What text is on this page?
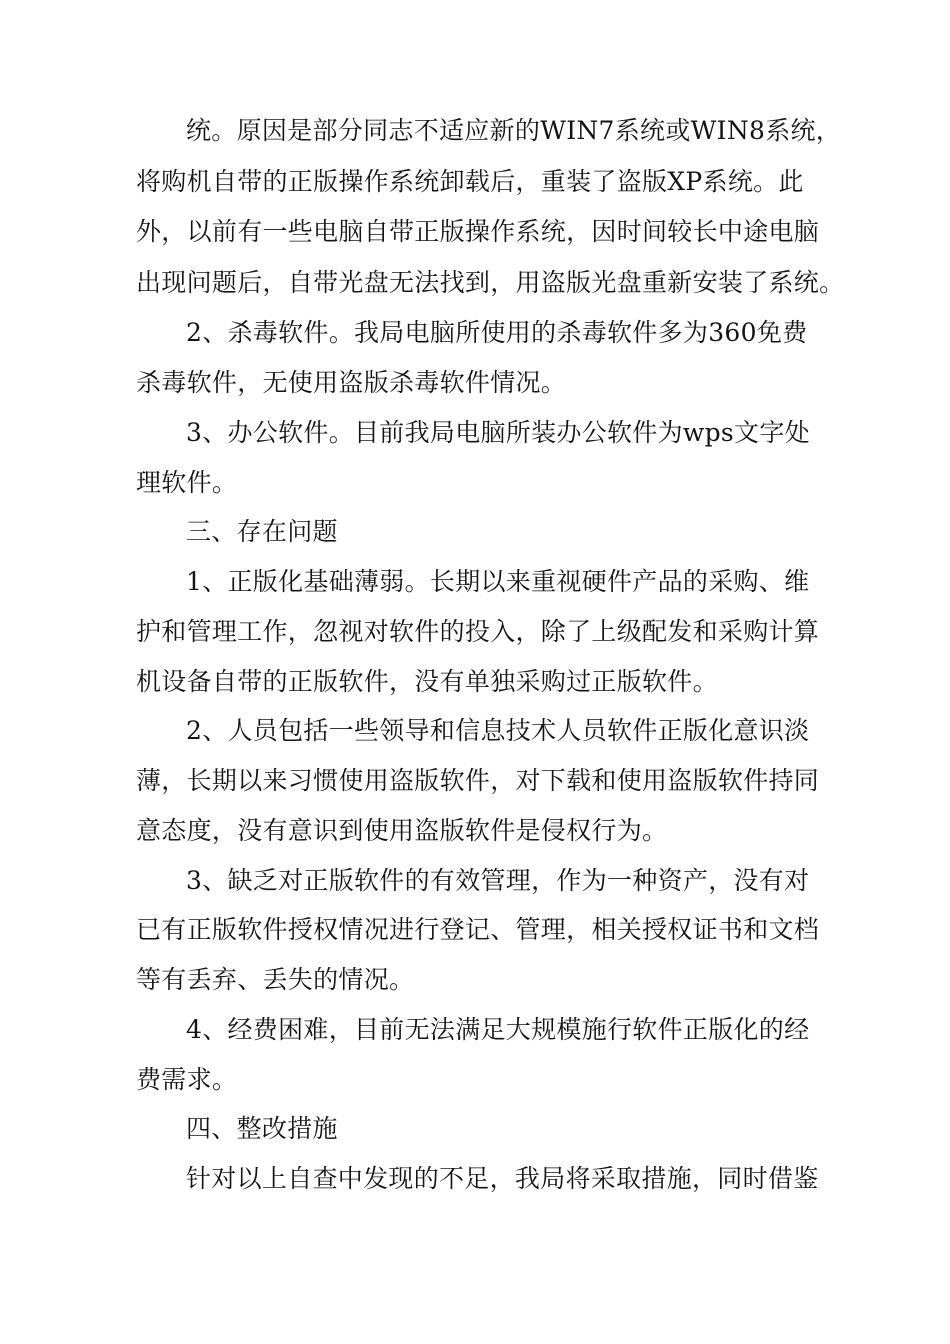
统。原因是部分同志不适应新的WIN7系统或WIN8系统，

将购机自带的正版操作系统卸载后，重装了盗版XP系统。此

外，以前有一些电脑自带正版操作系统，因时间较长中途电脑

出现问题后，自带光盘无法找到，用盗版光盘重新安装了系统。

2、杀毒软件。我局电脑所使用的杀毒软件多为360免费

杀毒软件，无使用盗版杀毒软件情况。

3、办公软件。目前我局电脑所装办公软件为wps文字处

理软件。

三、存在问题

1、正版化基础薄弱。长期以来重视硬件产品的采购、维

护和管理工作，忽视对软件的投入，除了上级配发和采购计算

机设备自带的正版软件，没有单独采购过正版软件。

2、人员包括一些领导和信息技术人员软件正版化意识淡

薄，长期以来习惯使用盗版软件，对下载和使用盗版软件持同

意态度，没有意识到使用盗版软件是侵权行为。

3、缺乏对正版软件的有效管理，作为一种资产，没有对

已有正版软件授权情况进行登记、管理，相关授权证书和文档

等有丢弃、丢失的情况。

4、经费困难，目前无法满足大规模施行软件正版化的经

费需求。

四、整改措施

针对以上自查中发现的不足，我局将采取措施，同时借鉴
